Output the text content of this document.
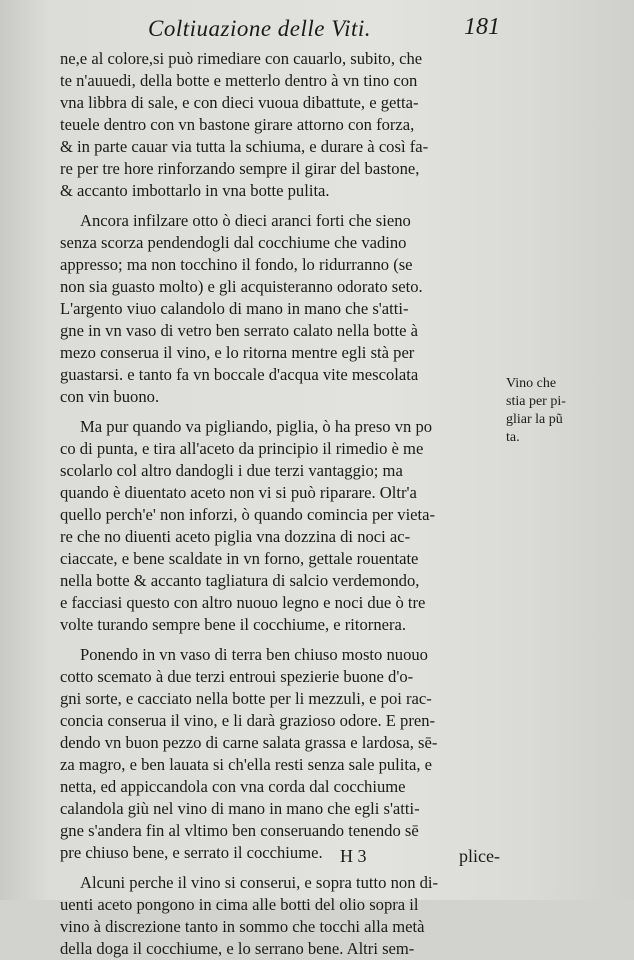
Coltiuazione delle Viti.	181
ne,e al colore,si può rimediare con cauarlo, subito, che
te n'auuedi, della botte e metterlo dentro à vn tino con
vna libbra di sale, e con dieci vuoua dibattute, e getta-
teuele dentro con vn bastone girare attorno con forza,
& in parte cauar via tutta la schiuma, e durare à così fa-
re per tre hore rinforzando sempre il girar del bastone,
& accanto imbottarlo in vna botte pulita.
Ancora infilzare otto ò dieci aranci forti che sieno
senza scorza pendendogli dal cocchiume che vadino
appresso; ma non tocchino il fondo, lo ridurranno (se
non sia guasto molto) e gli acquisteranno odorato seto.
L'argento viuo calandolo di mano in mano che s'atti-
gne in vn vaso di vetro ben serrato calato nella botte à
mezo conserua il vino, e lo ritorna mentre egli stà per
guastarsi. e tanto fa vn boccale d'acqua vite mescolata
con vin buono.
Ma pur quando va pigliando, piglia, ò ha preso vn po
co di punta, e tira all'aceto da principio il rimedio è me
scolarlo col altro dandogli i due terzi vantaggio; ma
quando è diuentato aceto non vi si può riparare. Oltr'a
quello perch'e' non inforzi, ò quando comincia per vieta-
re che no diuenti aceto piglia vna dozzina di noci ac-
ciaccate, e bene scaldate in vn forno, gettale rouentate
nella botte & accanto tagliatura di salcio verdemondo,
e facciasi questo con altro nuouo legno e noci due ò tre
volte turando sempre bene il cocchiume, e ritornera.
Ponendo in vn vaso di terra ben chiuso mosto nuouo
cotto scemato à due terzi entroui spezierie buone d'o-
gni sorte, e cacciato nella botte per li mezzuli, e poi rac-
conciа conserua il vino, e li darà grazioso odore. E pren-
dendo vn buon pezzo di carne salata grassa e lardosa, sē-
za magro, e ben lauata si ch'ella resti senza sale pulita, e
netta, ed appiccandola con vna corda dal cocchiume
calandola giù nel vino di mano in mano che egli s'atti-
gne s'andera fin al vltimo ben conseruando tenendo sē
pre chiuso bene, e serrato il cocchiume.
Alcuni perche il vino si conserui, e sopra tutto non di-
uenti aceto pongono in cima alle botti del olio sopra il
vino à discrezione tanto in sommo che tocchi alla metà
della doga il cocchiume, e lo serrano bene. Altri sem-
Vino che
stia per pi-
gliar la pũ
ta.
H 3	plice-
